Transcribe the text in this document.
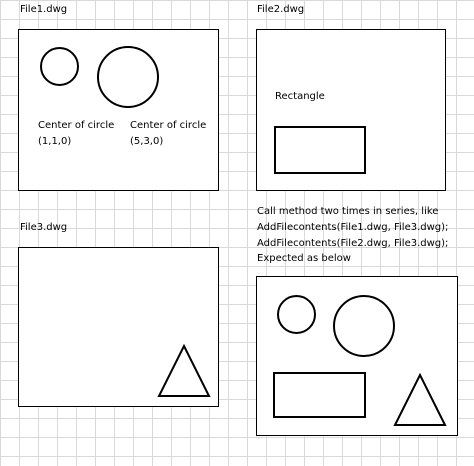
File1.dwg
Center of circle
(1,1,0)
Center of circle
(5,3,0)
File2.dwg
Rectangle
File3.dwg
Call method two times in series, like
AddFilecontents(File1.dwg, File3.dwg);
AddFilecontents(File2.dwg, File3.dwg);
Expected as below
